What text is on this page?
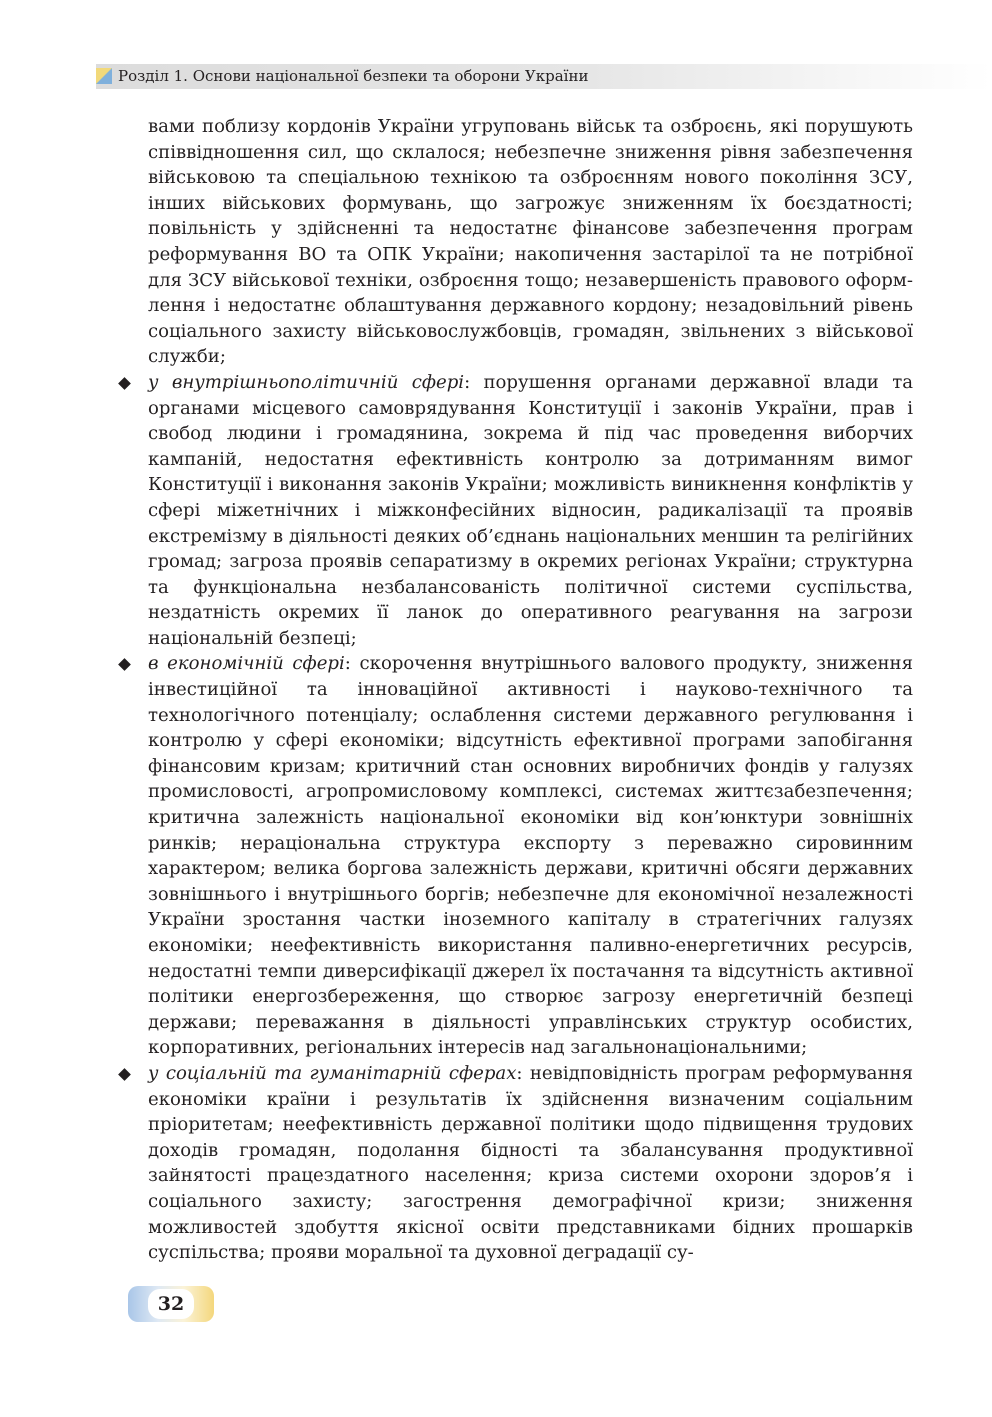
Розділ 1. Основи національної безпеки та оборони України

вами поблизу кордонів України угруповань військ та озброєнь, які порушують співвідношення сил, що склалося; небезпечне зниження рівня забезпечення військовою та спеціальною технікою та озброєнням нового покоління ЗСУ, інших військових формувань, що загрожує зниженням їх боєздатності; повільність у здійсненні та недостатнє фінансове забезпечення програм реформування ВО та ОПК України; накопичення застарілої та не потрібної для ЗСУ військової техніки, озброєння тощо; незавершеність правового оформ-лення і недостатнє облаштування державного кордону; незадовільний рівень соціального захисту військовослужбовців, громадян, звільнених з військової служби;

у внутрішньополітичній сфері: порушення органами державної влади та органами місцевого самоврядування Конституції і законів України, прав і свобод людини і громадянина, зокрема й під час проведення виборчих кампаній, недостатня ефективність контролю за дотриманням вимог Конституції і виконання законів України; можливість виникнення конфліктів у сфері міжетнічних і міжконфесійних відносин, радикалізації та проявів екстремізму в діяльності деяких об’єднань національних меншин та релігійних громад; загроза проявів сепаратизму в окремих регіонах України; структурна та функціональна незбалансованість політичної системи суспільства, нездатність окремих її ланок до оперативного реагування на загрози національній безпеці;

в економічній сфері: скорочення внутрішнього валового продукту, зниження інвестиційної та інноваційної активності і науково-технічного та технологічного потенціалу; ослаблення системи державного регулювання і контролю у сфері економіки; відсутність ефективної програми запобігання фінансовим кризам; критичний стан основних виробничих фондів у галузях промисловості, агропромисловому комплексі, системах життєзабезпечення; критична залежність національної економіки від кон’юнктури зовнішніх ринків; нераціональна структура експорту з переважно сировинним характером; велика боргова залежність держави, критичні обсяги державних зовнішнього і внутрішнього боргів; небезпечне для економічної незалежності України зростання частки іноземного капіталу в стратегічних галузях економіки; неефективність використання паливно-енергетичних ресурсів, недостатні темпи диверсифікації джерел їх постачання та відсутність активної політики енергозбереження, що створює загрозу енергетичній безпеці держави; переважання в діяльності управлінських структур особистих, корпоративних, регіональних інтересів над загальнонаціональними;

у соціальній та гуманітарній сферах: невідповідність програм реформування економіки країни і результатів їх здійснення визначеним соціальним пріоритетам; неефективність державної політики щодо підвищення трудових доходів громадян, подолання бідності та збалансування продуктивної зайнятості працездатного населення; криза системи охорони здоров’я і соціального захисту; загострення демографічної кризи; зниження можливостей здобуття якісної освіти представниками бідних прошарків суспільства; прояви моральної та духовної деградації су-

32
